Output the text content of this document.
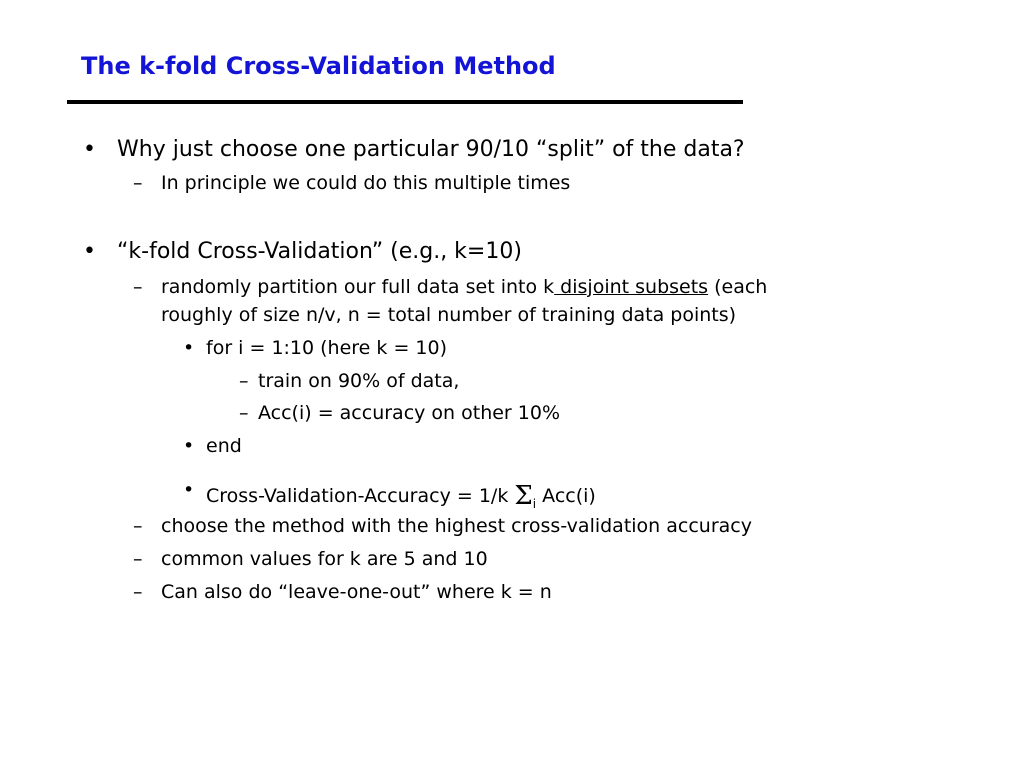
The k-fold Cross-Validation Method
• Why just choose one particular 90/10 “split” of the data?
– In principle we could do this multiple times
• “k-fold Cross-Validation” (e.g., k=10)
– randomly partition our full data set into k disjoint subsets (each
roughly of size n/v, n = total number of training data points)
• for i = 1:10 (here k = 10)
– train on 90% of data,
– Acc(i) = accuracy on other 10%
• end
• Cross-Validation-Accuracy = 1/k $\Sigma_i$ Acc(i)
– choose the method with the highest cross-validation accuracy
– common values for k are 5 and 10
– Can also do “leave-one-out” where k = n
